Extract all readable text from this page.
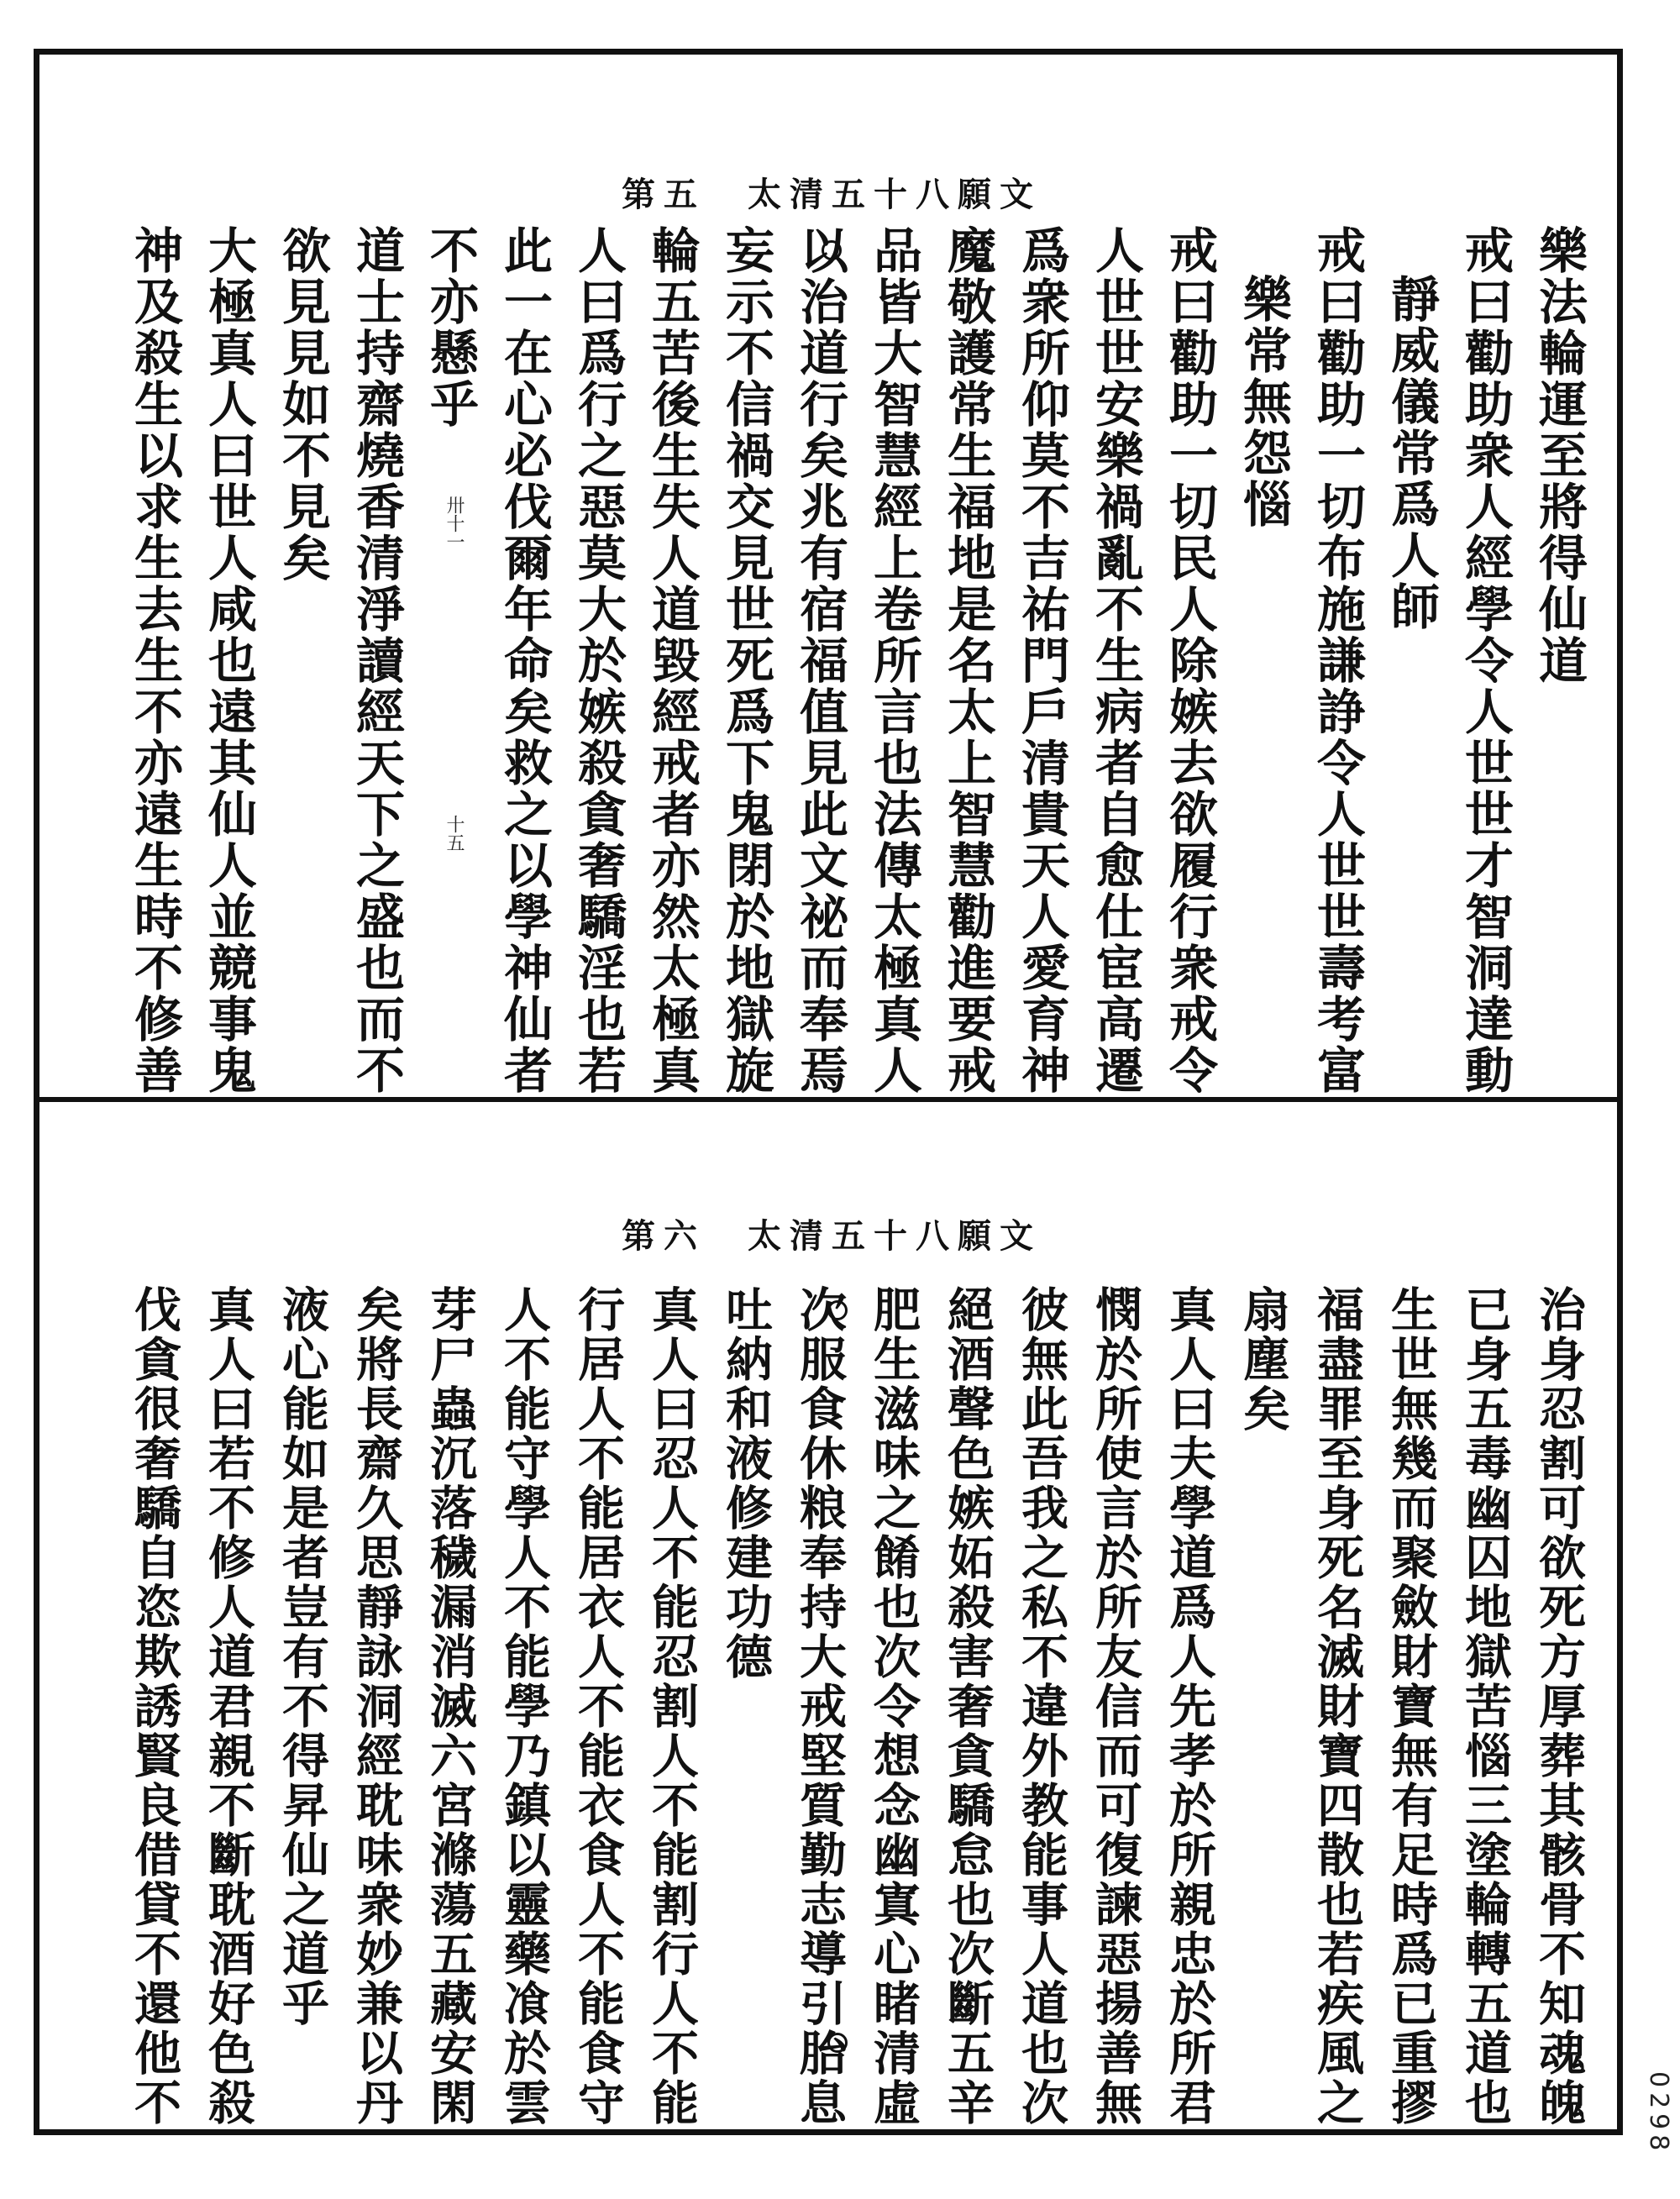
第五 太清五十八願文
樂法輪運至將得仙道
戒曰勸助衆人經學令人世世才智洞達動
靜威儀常爲人師
戒曰勸助一切布施謙諍令人世世壽考富
樂常無怨惱
戒曰勸助一切民人除嫉去欲履行衆戒令
人世世安樂禍亂不生病者自愈仕宦高遷
爲衆所仰莫不吉祐門戶清貴天人愛育神
魔敬護常生福地是名太上智慧勸進要戒
品皆大智慧經上卷所言也法傳太極真人
以治道行矣兆有宿福值見此文祕而奉焉
妄示不信禍交見世死爲下鬼閉於地獄旋
輪五苦後生失人道毀經戒者亦然太極真
人曰爲行之惡莫大於嫉殺貪奢驕淫也若
此一在心必伐爾年命矣救之以學神仙者
不亦懸乎
道士持齋燒香清淨讀經天下之盛也而不
欲見見如不見矣
大極真人曰世人咸也遠其仙人並競事鬼
神及殺生以求生去生不亦遠生時不修善	卅十一
十五
第六 太清五十八願文
治身忍割可欲死方厚葬其骸骨不知魂魄
已身五毒幽囚地獄苦惱三塗輪轉五道也
生世無幾而聚斂財寶無有足時爲已重摎
福盡罪至身死名滅財寶四散也若疾風之
扇塵矣
真人曰夫學道爲人先孝於所親忠於所君
憫於所使言於所友信而可復諫惡揚善無
彼無此吾我之私不違外教能事人道也次
絕酒聲色嫉妬殺害奢貪驕怠也次斷五辛
肥生滋味之餚也次令想念幽寘心睹清虛
次服食休粮奉持大戒堅質勤志導引胎息
吐納和液修建功德
真人曰忍人不能忍割人不能割行人不能
行居人不能居衣人不能衣食人不能食守
人不能守學人不能學乃鎮以靈藥飡於雲
芽尸蟲沉落穢漏消滅六宮滌蕩五藏安閑
矣將長齋久思靜詠洞經耽味衆妙兼以丹
液心能如是者豈有不得昇仙之道乎
真人曰若不修人道君親不斷耽酒好色殺
伐貪很奢驕自恣欺誘賢良借貸不還他不	0298
